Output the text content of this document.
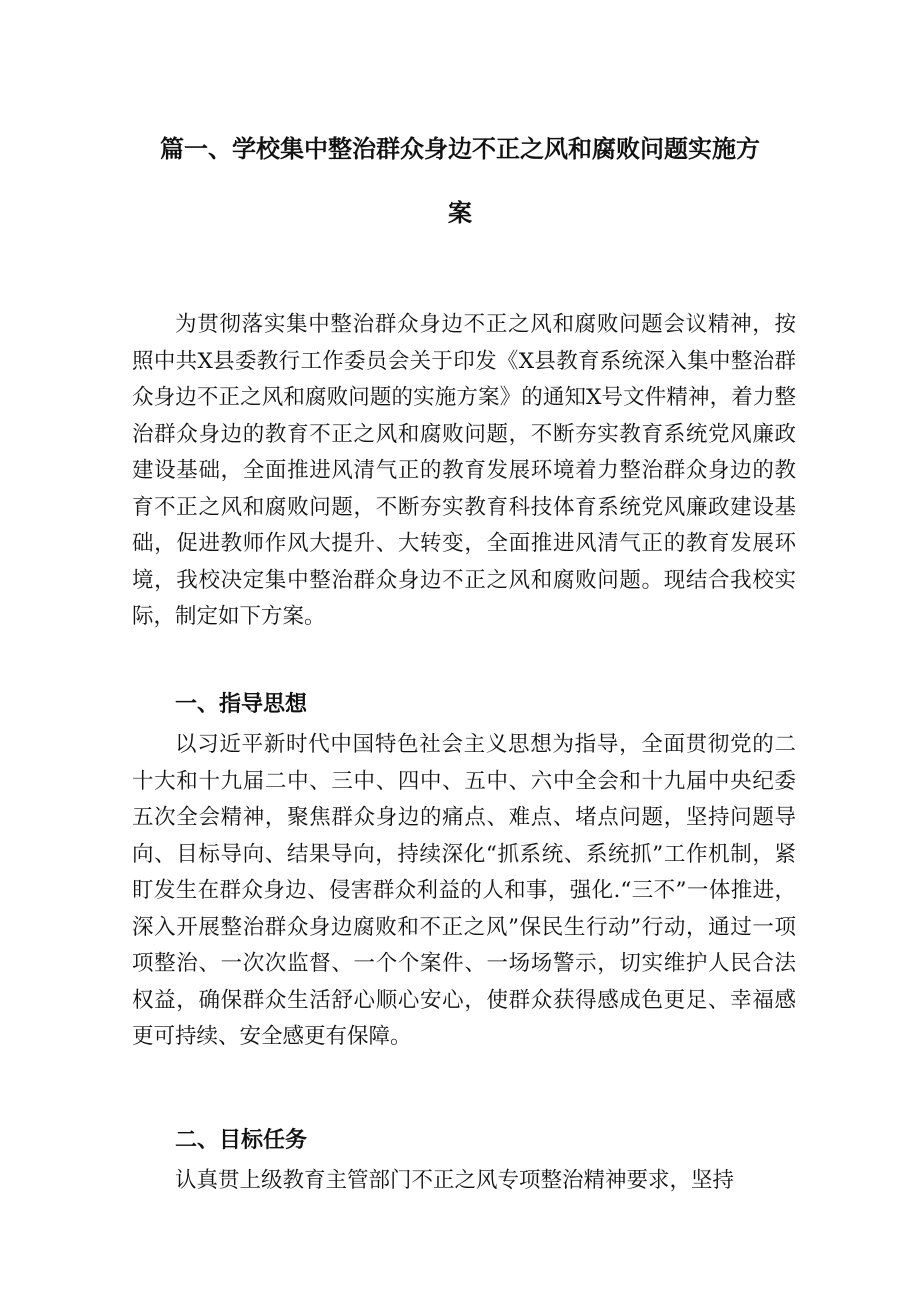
篇一、学校集中整治群众身边不正之风和腐败问题实施方
案

为贯彻落实集中整治群众身边不正之风和腐败问题会议精神，按照中共X县委教行工作委员会关于印发《X县教育系统深入集中整治群众身边不正之风和腐败问题的实施方案》的通知X号文件精神，着力整治群众身边的教育不正之风和腐败问题，不断夯实教育系统党风廉政建设基础，全面推进风清气正的教育发展环境着力整治群众身边的教育不正之风和腐败问题，不断夯实教育科技体育系统党风廉政建设基础，促进教师作风大提升、大转变，全面推进风清气正的教育发展环境，我校决定集中整治群众身边不正之风和腐败问题。现结合我校实际，制定如下方案。

一、指导思想

以习近平新时代中国特色社会主义思想为指导，全面贯彻党的二十大和十九届二中、三中、四中、五中、六中全会和十九届中央纪委五次全会精神，聚焦群众身边的痛点、难点、堵点问题，坚持问题导向、目标导向、结果导向，持续深化“抓系统、系统抓”工作机制，紧盯发生在群众身边、侵害群众利益的人和事，强化.“三不”一体推进，深入开展整治群众身边腐败和不正之风”保民生行动”行动，通过一项项整治、一次次监督、一个个案件、一场场警示，切实维护人民合法权益，确保群众生活舒心顺心安心，使群众获得感成色更足、幸福感更可持续、安全感更有保障。

二、目标任务

认真贯上级教育主管部门不正之风专项整治精神要求，坚持
